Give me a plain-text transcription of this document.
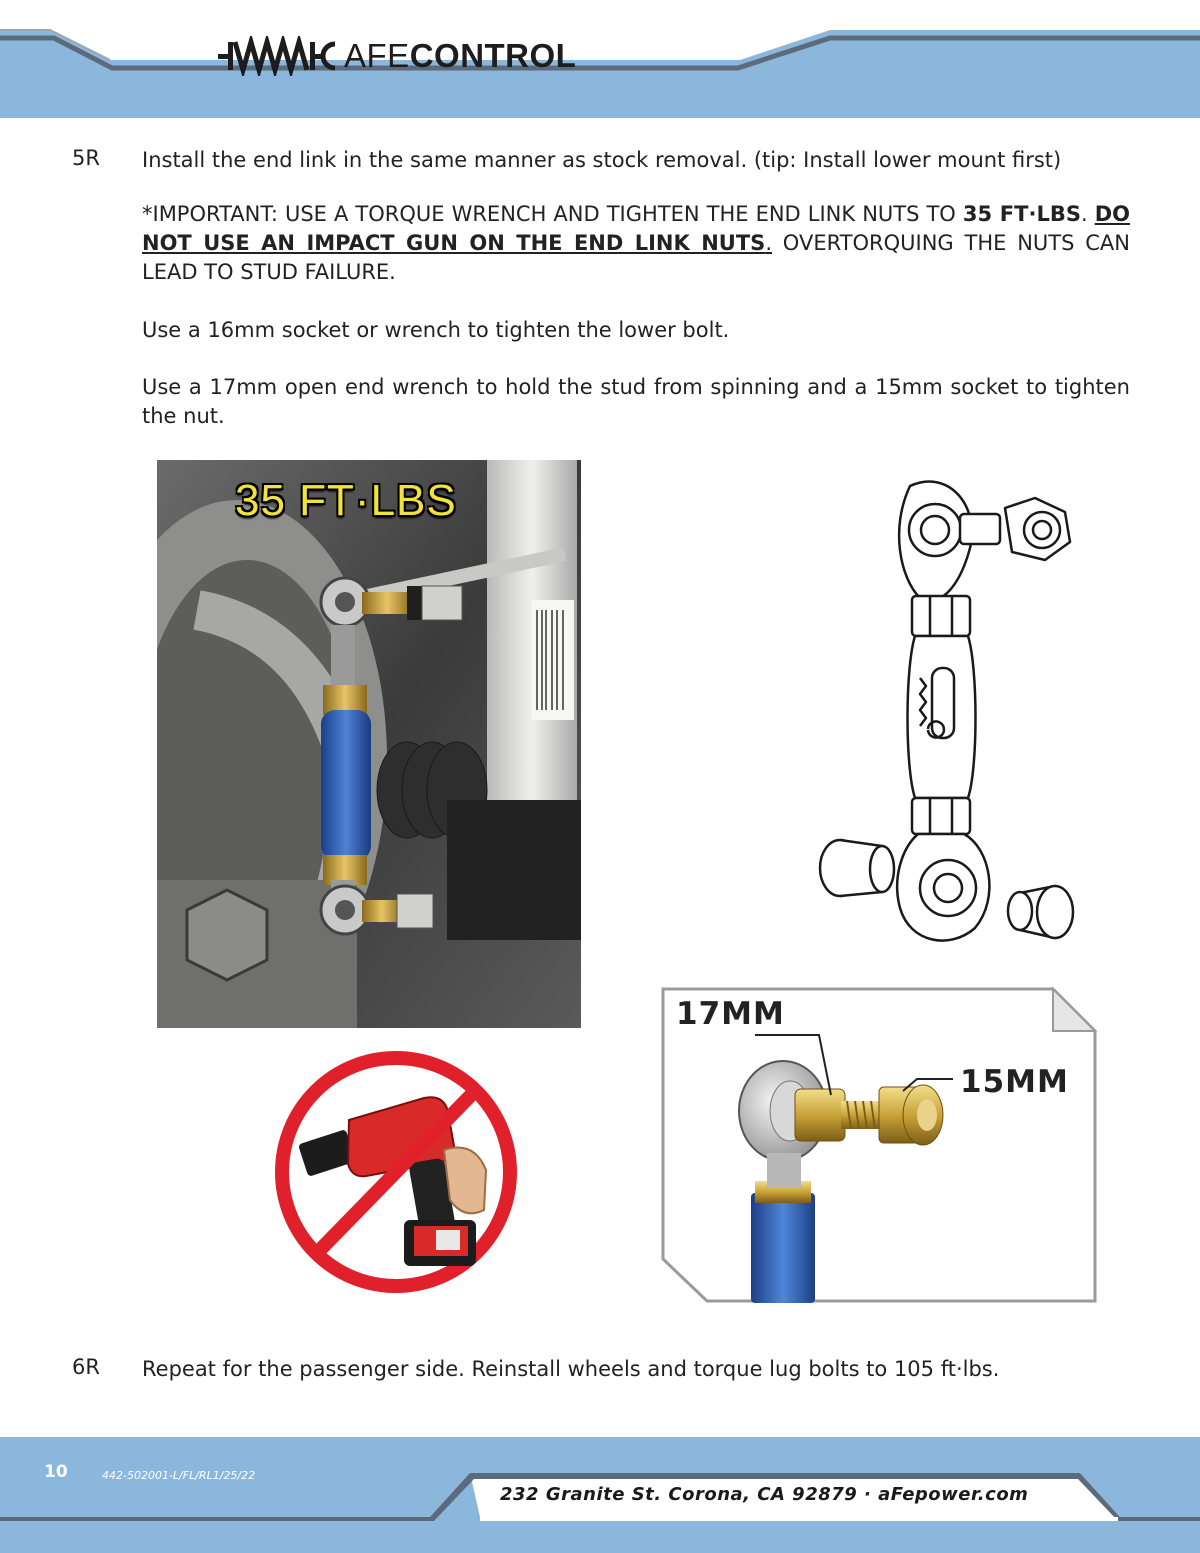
AFECONTROL
5R Install the end link in the same manner as stock removal. (tip: Install lower mount first)
*IMPORTANT: USE A TORQUE WRENCH AND TIGHTEN THE END LINK NUTS TO 35 FT·LBS. DO NOT USE AN IMPACT GUN ON THE END LINK NUTS. OVERTORQUING THE NUTS CAN LEAD TO STUD FAILURE.
Use a 16mm socket or wrench to tighten the lower bolt.
Use a 17mm open end wrench to hold the stud from spinning and a 15mm socket to tighten the nut.
35 FT·LBS
17MM
15MM
6R Repeat for the passenger side. Reinstall wheels and torque lug bolts to 105 ft·lbs.
10	442-502001-L/FL/RL1/25/22
232 Granite St. Corona, CA 92879 · aFepower.com
